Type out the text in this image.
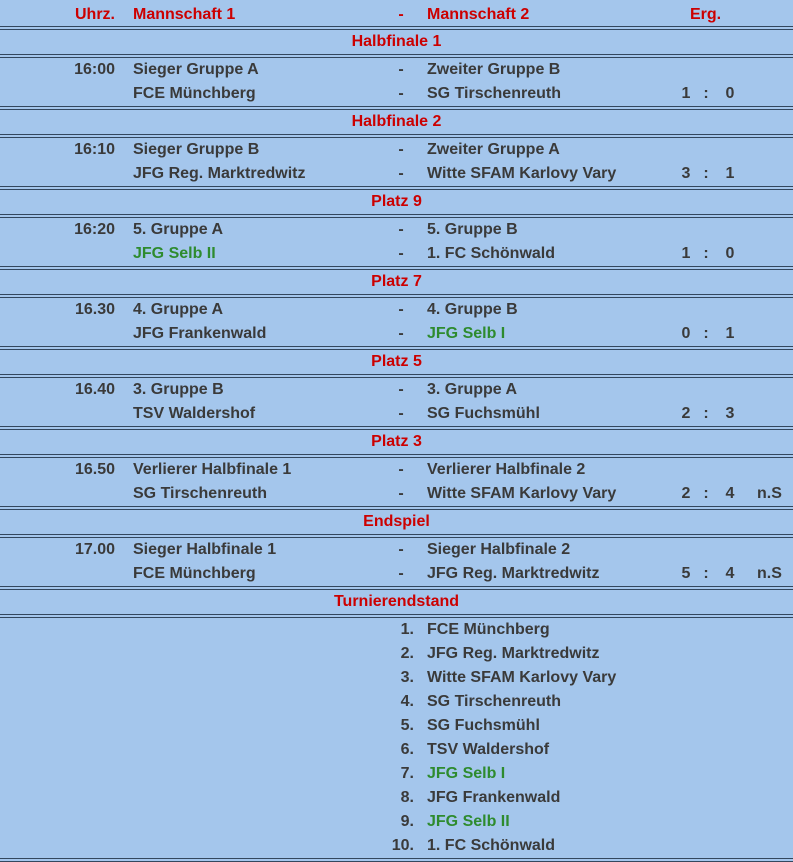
Uhrz. Mannschaft 1	- Mannschaft 2	Erg.
Halbfinale 1
16:00 Sieger Gruppe A	- Zweiter Gruppe B
FCE Münchberg	- SG Tirschenreuth	1 : 0
Halbfinale 2
16:10 Sieger Gruppe B	- Zweiter Gruppe A
JFG Reg. Marktredwitz	- Witte SFAM Karlovy Vary	3 : 1
Platz 9
16:20 5. Gruppe A	- 5. Gruppe B
JFG Selb II	- 1. FC Schönwald	1 : 0
Platz 7
16.30 4. Gruppe A	- 4. Gruppe B
JFG Frankenwald	- JFG Selb I	0 : 1
Platz 5
16.40 3. Gruppe B	- 3. Gruppe A
TSV Waldershof	- SG Fuchsmühl	2 : 3
Platz 3
16.50 Verlierer Halbfinale 1	- Verlierer Halbfinale 2
SG Tirschenreuth	- Witte SFAM Karlovy Vary	2 : 4 n.S
Endspiel
17.00 Sieger Halbfinale 1	- Sieger Halbfinale 2
FCE Münchberg	- JFG Reg. Marktredwitz	5 : 4 n.S
Turnierendstand
1. FCE Münchberg
2. JFG Reg. Marktredwitz
3. Witte SFAM Karlovy Vary
4. SG Tirschenreuth
5. SG Fuchsmühl
6. TSV Waldershof
7. JFG Selb I
8. JFG Frankenwald
9. JFG Selb II
10. 1. FC Schönwald
